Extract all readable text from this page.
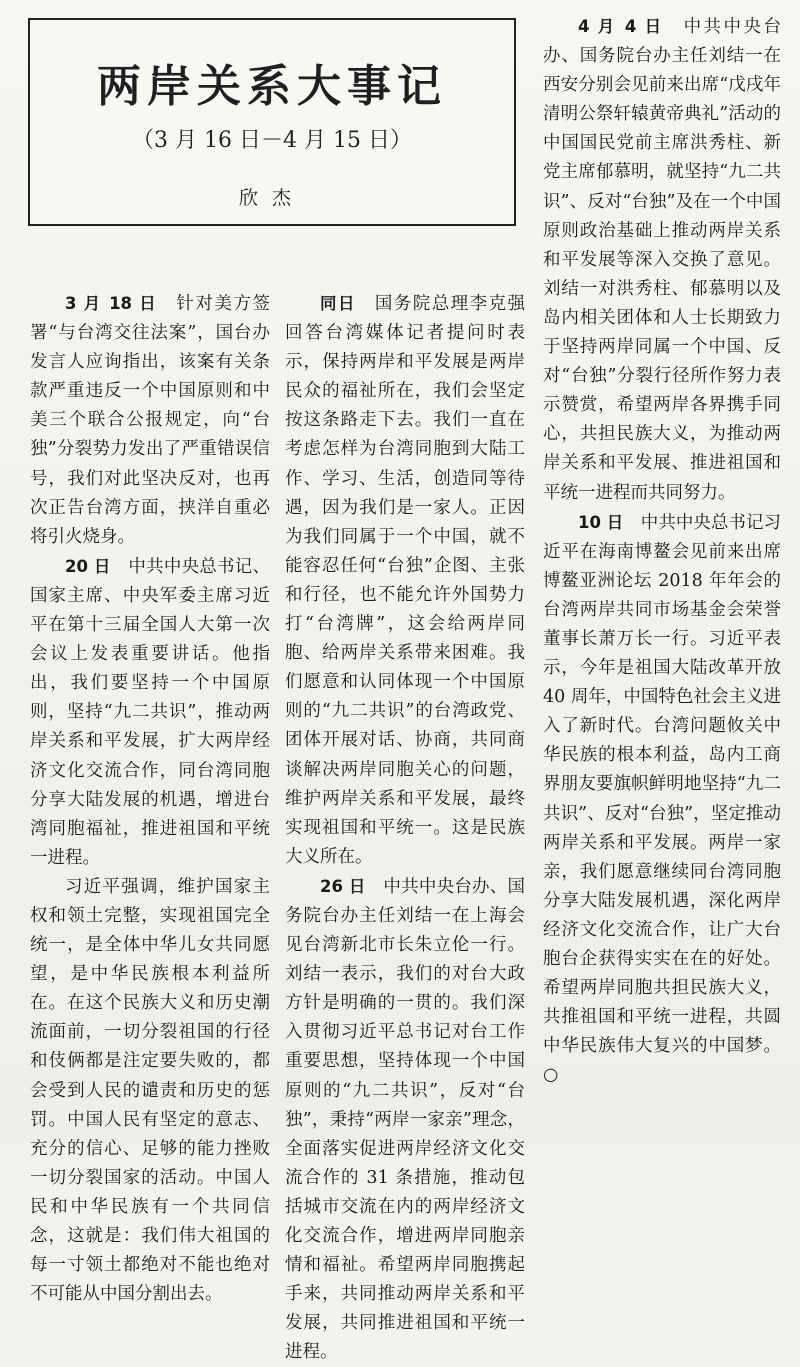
两岸关系大事记
（3 月 16 日－4 月 15 日）
欣杰

3 月 18 日　 针对美方签署“与台湾交往法案”，国台办发言人应询指出，该案有关条款严重违反一个中国原则和中美三个联合公报规定，向“台独”分裂势力发出了严重错误信号，我们对此坚决反对，也再次正告台湾方面，挟洋自重必将引火烧身。

20 日　 中共中央总书记、国家主席、中央军委主席习近平在第十三届全国人大第一次会议上发表重要讲话。他指出，我们要坚持一个中国原则，坚持“九二共识”，推动两岸关系和平发展，扩大两岸经济文化交流合作，同台湾同胞分享大陆发展的机遇，增进台湾同胞福祉，推进祖国和平统一进程。

习近平强调，维护国家主权和领土完整，实现祖国完全统一，是全体中华儿女共同愿望，是中华民族根本利益所在。在这个民族大义和历史潮流面前，一切分裂祖国的行径和伎俩都是注定要失败的，都会受到人民的谴责和历史的惩罚。中国人民有坚定的意志、充分的信心、足够的能力挫败一切分裂国家的活动。中国人民和中华民族有一个共同信念，这就是：我们伟大祖国的每一寸领土都绝对不能也绝对不可能从中国分割出去。

同日　 国务院总理李克强回答台湾媒体记者提问时表示，保持两岸和平发展是两岸民众的福祉所在，我们会坚定按这条路走下去。我们一直在考虑怎样为台湾同胞到大陆工作、学习、生活，创造同等待遇，因为我们是一家人。正因为我们同属于一个中国，就不能容忍任何“台独”企图、主张和行径，也不能允许外国势力打“台湾牌”，这会给两岸同胞、给两岸关系带来困难。我们愿意和认同体现一个中国原则的“九二共识”的台湾政党、团体开展对话、协商，共同商谈解决两岸同胞关心的问题，维护两岸关系和平发展，最终实现祖国和平统一。这是民族大义所在。

26 日　 中共中央台办、国务院台办主任刘结一在上海会见台湾新北市长朱立伦一行。刘结一表示，我们的对台大政方针是明确的一贯的。我们深入贯彻习近平总书记对台工作重要思想，坚持体现一个中国原则的“九二共识”，反对“台独”，秉持“两岸一家亲”理念，全面落实促进两岸经济文化交流合作的 31 条措施，推动包括城市交流在内的两岸经济文化交流合作，增进两岸同胞亲情和福祉。希望两岸同胞携起手来，共同推动两岸关系和平发展，共同推进祖国和平统一进程。

4 月 4 日　 中共中央台办、国务院台办主任刘结一在西安分别会见前来出席“戊戌年清明公祭轩辕黄帝典礼”活动的中国国民党前主席洪秀柱、新党主席郁慕明，就坚持“九二共识”、反对“台独”及在一个中国原则政治基础上推动两岸关系和平发展等深入交换了意见。刘结一对洪秀柱、郁慕明以及岛内相关团体和人士长期致力于坚持两岸同属一个中国、反对“台独”分裂行径所作努力表示赞赏，希望两岸各界携手同心，共担民族大义，为推动两岸关系和平发展、推进祖国和平统一进程而共同努力。

10 日　 中共中央总书记习近平在海南博鳌会见前来出席博鳌亚洲论坛 2018 年年会的台湾两岸共同市场基金会荣誉董事长萧万长一行。习近平表示，今年是祖国大陆改革开放 40 周年，中国特色社会主义进入了新时代。台湾问题攸关中华民族的根本利益，岛内工商界朋友要旗帜鲜明地坚持“九二共识”、反对“台独”，坚定推动两岸关系和平发展。两岸一家亲，我们愿意继续同台湾同胞分享大陆发展机遇，深化两岸经济文化交流合作，让广大台胞台企获得实实在在的好处。希望两岸同胞共担民族大义，共推祖国和平统一进程，共圆中华民族伟大复兴的中国梦。○
